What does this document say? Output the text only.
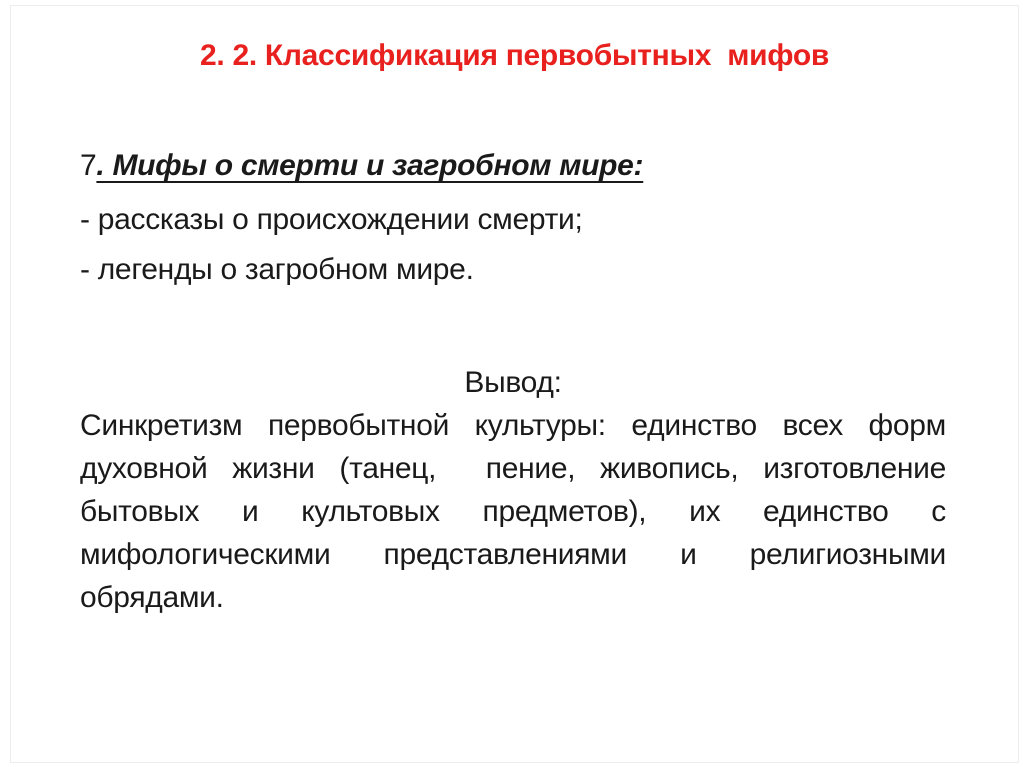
2. 2. Классификация первобытных  мифов

7. Мифы о смерти и загробном мире:

- рассказы о происхождении смерти;

- легенды о загробном мире.

Вывод:

Синкретизм первобытной культуры: единство всех форм

духовной жизни (танец,  пение, живопись, изготовление

бытовых и культовых предметов), их единство с

мифологическими представлениями и религиозными

обрядами.
